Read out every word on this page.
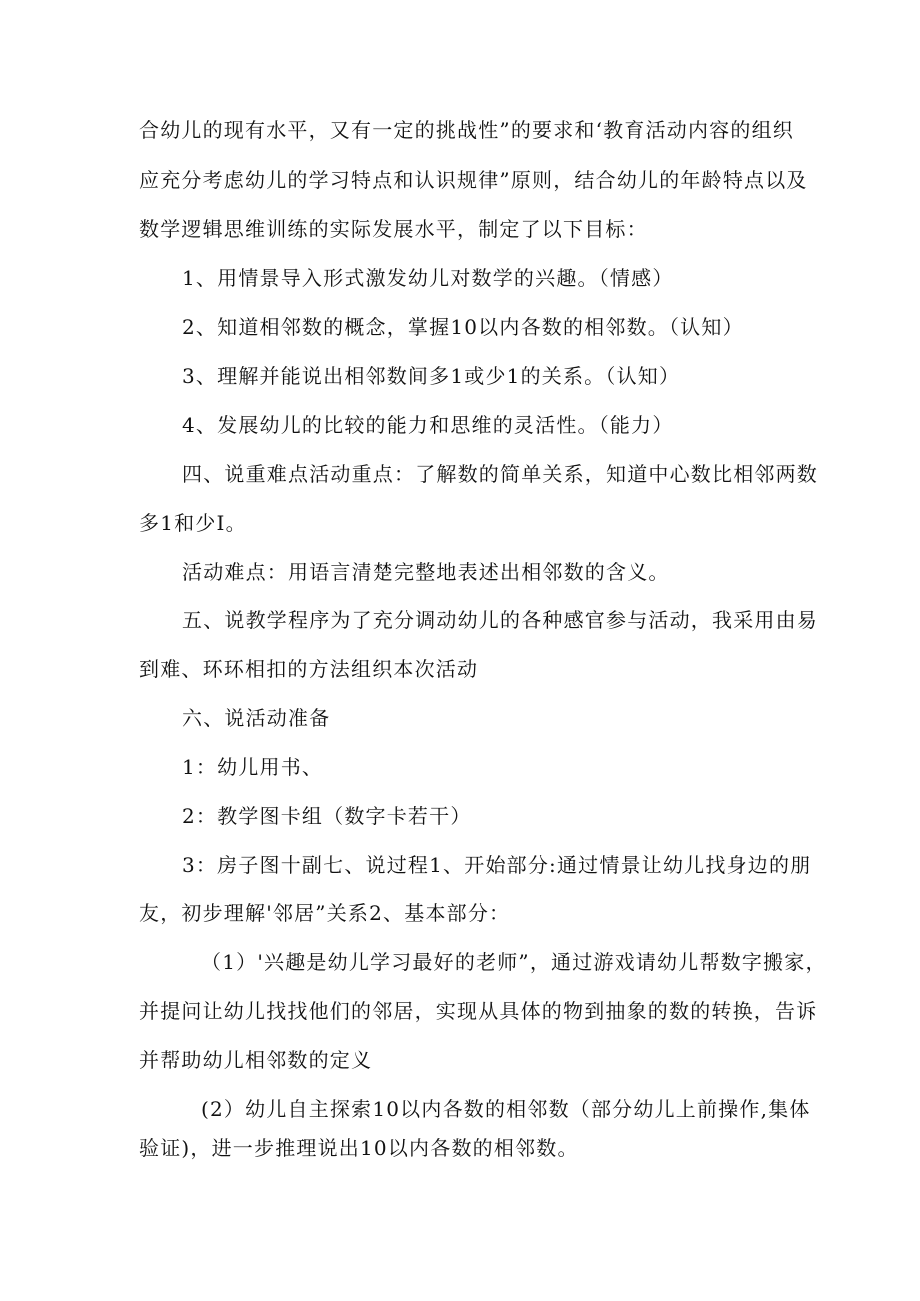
合幼儿的现有水平，又有一定的挑战性”的要求和‘教育活动内容的组织

应充分考虑幼儿的学习特点和认识规律”原则，结合幼儿的年龄特点以及

数学逻辑思维训练的实际发展水平，制定了以下目标：

1、用情景导入形式激发幼儿对数学的兴趣。（情感）

2、知道相邻数的概念，掌握10以内各数的相邻数。（认知）

3、理解并能说出相邻数间多1或少1的关系。（认知）

4、发展幼儿的比较的能力和思维的灵活性。（能力）

四、说重难点活动重点：了解数的简单关系，知道中心数比相邻两数

多1和少I。

活动难点：用语言清楚完整地表述出相邻数的含义。

五、说教学程序为了充分调动幼儿的各种感官参与活动，我采用由易

到难、环环相扣的方法组织本次活动

六、说活动准备

1：幼儿用书、

2：教学图卡组（数字卡若干）

3：房子图十副七、说过程1、开始部分:通过情景让幼儿找身边的朋

友，初步理解'邻居”关系2、基本部分：

（1）'兴趣是幼儿学习最好的老师”，通过游戏请幼儿帮数字搬家，

并提问让幼儿找找他们的邻居，实现从具体的物到抽象的数的转换，告诉

并帮助幼儿相邻数的定义

(2）幼儿自主探索10以内各数的相邻数（部分幼儿上前操作,集体

验证)，进一步推理说出10以内各数的相邻数。
